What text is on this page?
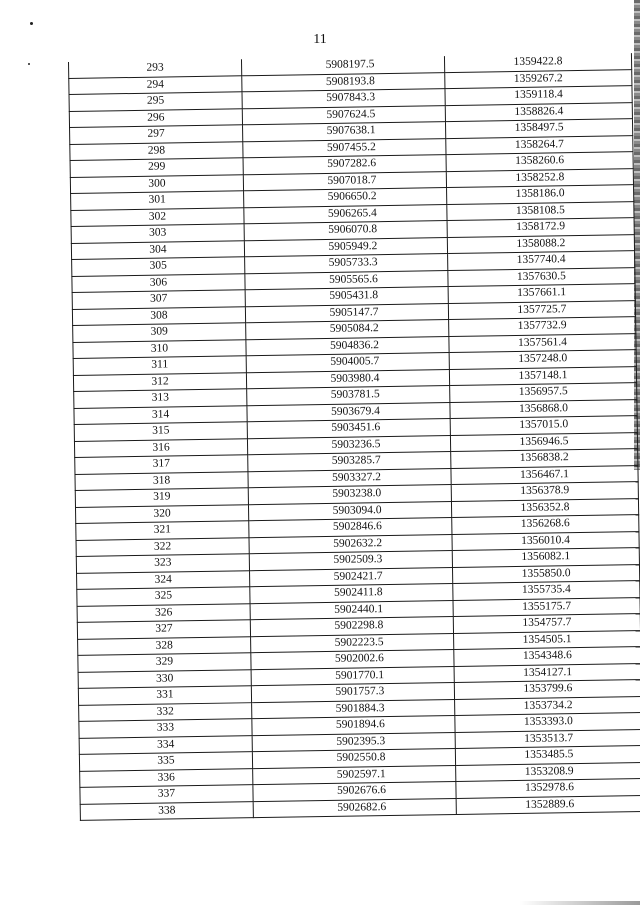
11
293	5908197.5	1359422.8
294	5908193.8	1359267.2
295	5907843.3	1359118.4
296	5907624.5	1358826.4
297	5907638.1	1358497.5
298	5907455.2	1358264.7
299	5907282.6	1358260.6
300	5907018.7	1358252.8
301	5906650.2	1358186.0
302	5906265.4	1358108.5
303	5906070.8	1358172.9
304	5905949.2	1358088.2
305	5905733.3	1357740.4
306	5905565.6	1357630.5
307	5905431.8	1357661.1
308	5905147.7	1357725.7
309	5905084.2	1357732.9
310	5904836.2	1357561.4
311	5904005.7	1357248.0
312	5903980.4	1357148.1
313	5903781.5	1356957.5
314	5903679.4	1356868.0
315	5903451.6	1357015.0
316	5903236.5	1356946.5
317	5903285.7	1356838.2
318	5903327.2	1356467.1
319	5903238.0	1356378.9
320	5903094.0	1356352.8
321	5902846.6	1356268.6
322	5902632.2	1356010.4
323	5902509.3	1356082.1
324	5902421.7	1355850.0
325	5902411.8	1355735.4
326	5902440.1	1355175.7
327	5902298.8	1354757.7
328	5902223.5	1354505.1
329	5902002.6	1354348.6
330	5901770.1	1354127.1
331	5901757.3	1353799.6
332	5901884.3	1353734.2
333	5901894.6	1353393.0
334	5902395.3	1353513.7
335	5902550.8	1353485.5
336	5902597.1	1353208.9
337	5902676.6	1352978.6
338	5902682.6	1352889.6
